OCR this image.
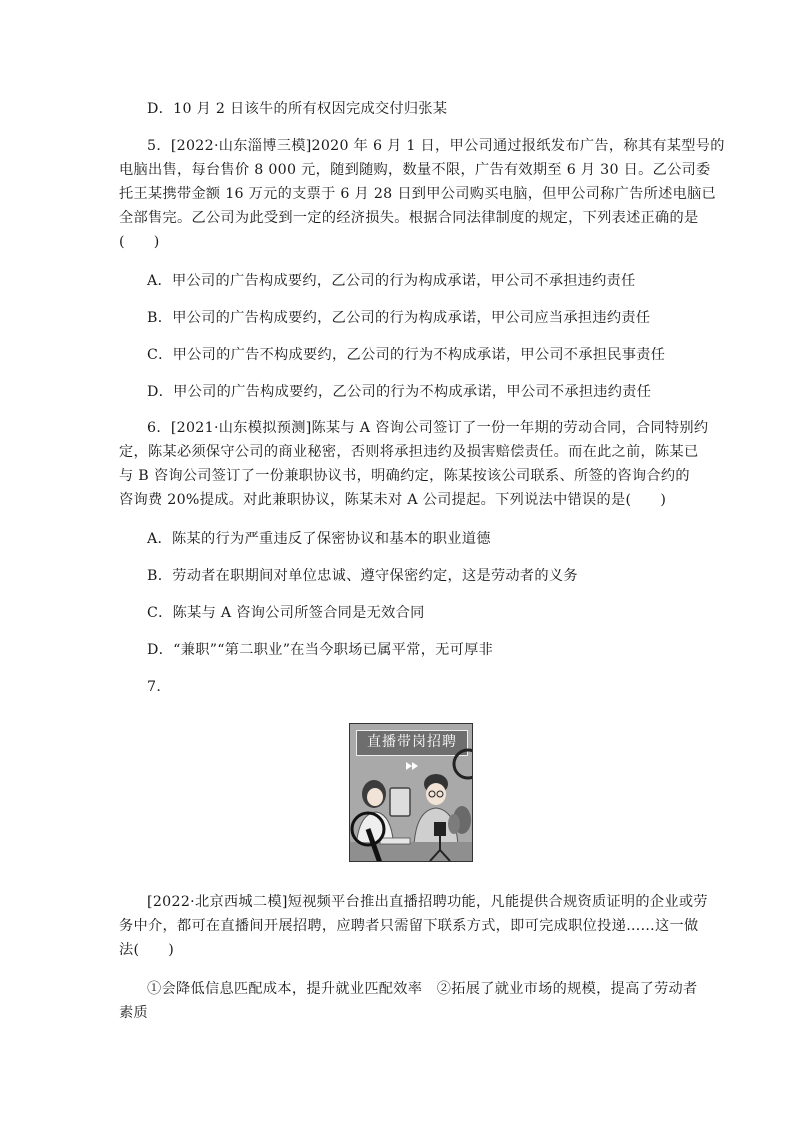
D．10 月 2 日该牛的所有权因完成交付归张某
5．[2022·山东淄博三模]2020 年 6 月 1 日，甲公司通过报纸发布广告，称其有某型号的
电脑出售，每台售价 8 000 元，随到随购，数量不限，广告有效期至 6 月 30 日。乙公司委
托王某携带金额 16 万元的支票于 6 月 28 日到甲公司购买电脑，但甲公司称广告所述电脑已
全部售完。乙公司为此受到一定的经济损失。根据合同法律制度的规定，下列表述正确的是
(　　)
A．甲公司的广告构成要约，乙公司的行为构成承诺，甲公司不承担违约责任
B．甲公司的广告构成要约，乙公司的行为构成承诺，甲公司应当承担违约责任
C．甲公司的广告不构成要约，乙公司的行为不构成承诺，甲公司不承担民事责任
D．甲公司的广告构成要约，乙公司的行为不构成承诺，甲公司不承担违约责任
6．[2021·山东模拟预测]陈某与 A 咨询公司签订了一份一年期的劳动合同，合同特别约
定，陈某必须保守公司的商业秘密，否则将承担违约及损害赔偿责任。而在此之前，陈某已
与 B 咨询公司签订了一份兼职协议书，明确约定，陈某按该公司联系、所签的咨询合约的
咨询费 20%提成。对此兼职协议，陈某未对 A 公司提起。下列说法中错误的是(　　)
A．陈某的行为严重违反了保密协议和基本的职业道德
B．劳动者在职期间对单位忠诚、遵守保密约定，这是劳动者的义务
C．陈某与 A 咨询公司所签合同是无效合同
D．“兼职”“第二职业”在当今职场已属平常，无可厚非
7.
直播带岗招聘
[2022·北京西城二模]短视频平台推出直播招聘功能，凡能提供合规资质证明的企业或劳
务中介，都可在直播间开展招聘，应聘者只需留下联系方式，即可完成职位投递……这一做
法(　　)
①会降低信息匹配成本，提升就业匹配效率　②拓展了就业市场的规模，提高了劳动者
素质
